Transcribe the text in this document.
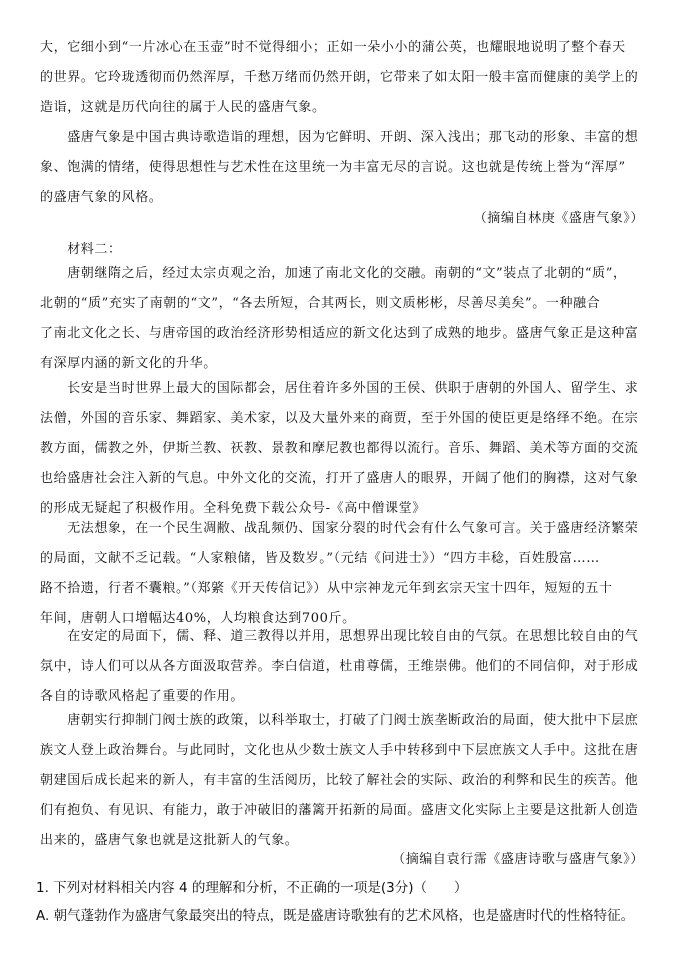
大，它细小到“一片冰心在玉壶”时不觉得细小；正如一朵小小的蒲公英，也耀眼地说明了整个春天
的世界。它玲珑透彻而仍然浑厚，千愁万绪而仍然开朗，它带来了如太阳一般丰富而健康的美学上的
造诣，这就是历代向往的属于人民的盛唐气象。
　　盛唐气象是中国古典诗歌造诣的理想，因为它鲜明、开朗、深入浅出；那飞动的形象、丰富的想
象、饱满的情绪，使得思想性与艺术性在这里统一为丰富无尽的言说。这也就是传统上誉为“浑厚”
的盛唐气象的风格。
（摘编自林庚《盛唐气象》）
　　材料二：
　　唐朝继隋之后，经过太宗贞观之治，加速了南北文化的交融。南朝的“文”装点了北朝的“质”，
北朝的“质”充实了南朝的“文”，“各去所短，合其两长，则文质彬彬，尽善尽美矣”。一种融合
了南北文化之长、与唐帝国的政治经济形势相适应的新文化达到了成熟的地步。盛唐气象正是这种富
有深厚内涵的新文化的升华。
　　长安是当时世界上最大的国际都会，居住着许多外国的王侯、供职于唐朝的外国人、留学生、求
法僧，外国的音乐家、舞蹈家、美术家，以及大量外来的商贾，至于外国的使臣更是络绎不绝。在宗
教方面，儒教之外，伊斯兰教、祆教、景教和摩尼教也都得以流行。音乐、舞蹈、美术等方面的交流
也给盛唐社会注入新的气息。中外文化的交流，打开了盛唐人的眼界，开阔了他们的胸襟，这对气象
的形成无疑起了积极作用。全科免费下载公众号-《高中僧课堂》
　　无法想象，在一个民生凋敝、战乱频仍、国家分裂的时代会有什么气象可言。关于盛唐经济繁荣
的局面，文献不乏记载。“人家粮储，皆及数岁。”（元结《问进士》）“四方丰稔，百姓殷富……
路不拾遗，行者不囊粮。”（郑綮《开天传信记》）从中宗神龙元年到玄宗天宝十四年，短短的五十
年间，唐朝人口增幅达40%，人均粮食达到700斤。
　　在安定的局面下，儒、释、道三教得以并用，思想界出现比较自由的气氛。在思想比较自由的气
氛中，诗人们可以从各方面汲取营养。李白信道，杜甫尊儒，王维崇佛。他们的不同信仰，对于形成
各自的诗歌风格起了重要的作用。
　　唐朝实行抑制门阀士族的政策，以科举取士，打破了门阀士族垄断政治的局面，使大批中下层庶
族文人登上政治舞台。与此同时，文化也从少数士族文人手中转移到中下层庶族文人手中。这批在唐
朝建国后成长起来的新人，有丰富的生活阅历，比较了解社会的实际、政治的利弊和民生的疾苦。他
们有抱负、有见识、有能力，敢于冲破旧的藩篱开拓新的局面。盛唐文化实际上主要是这批新人创造
出来的，盛唐气象也就是这批新人的气象。
（摘编自袁行霈《盛唐诗歌与盛唐气象》）
1. 下列对材料相关内容 4 的理解和分析，不正确的一项是(3分)（　　）
A. 朝气蓬勃作为盛唐气象最突出的特点，既是盛唐诗歌独有的艺术风格，也是盛唐时代的性格特征。
